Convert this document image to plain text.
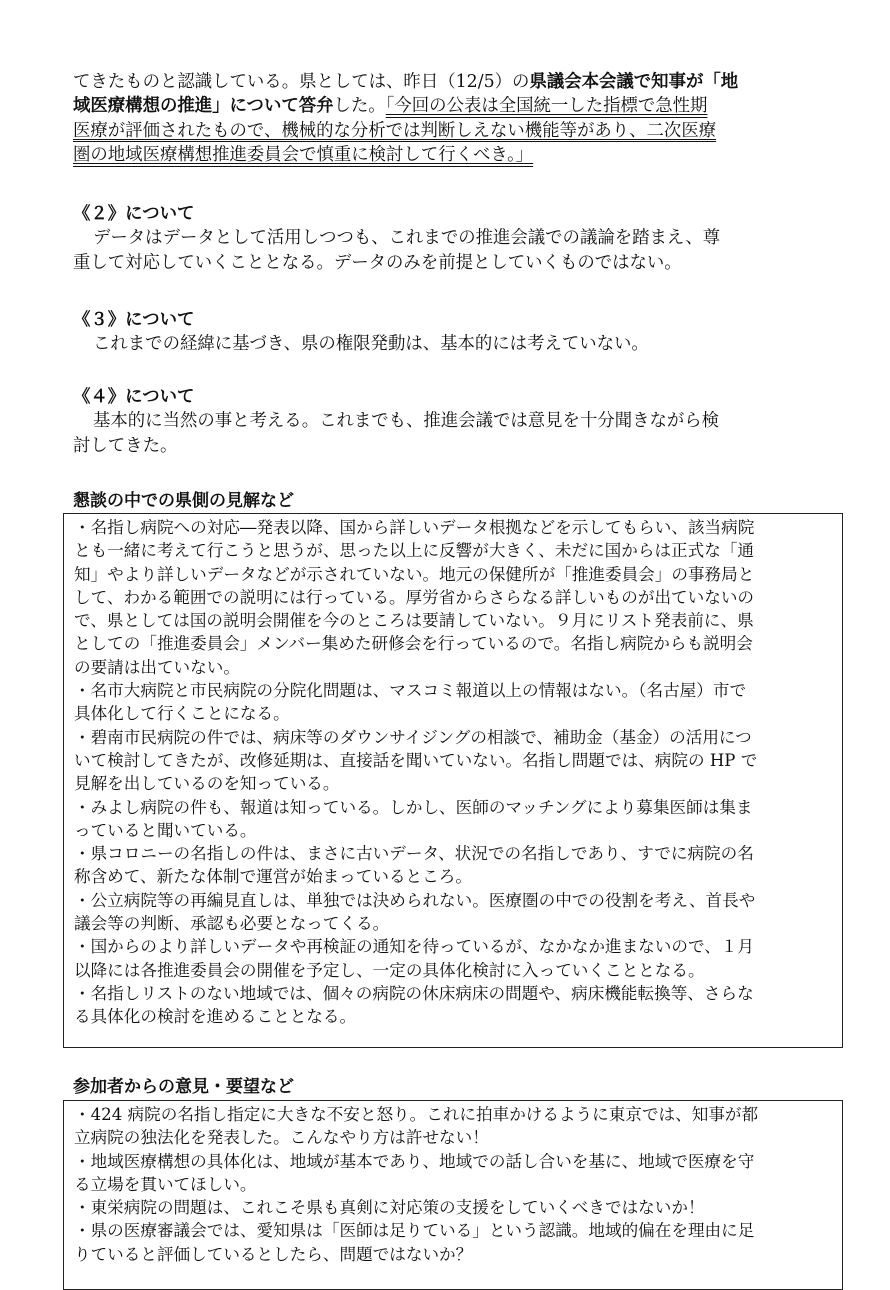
てきたものと認識している。県としては、昨日（12/5）の県議会本会議で知事が「地
域医療構想の推進」について答弁した。「今回の公表は全国統一した指標で急性期
医療が評価されたもので、機械的な分析では判断しえない機能等があり、二次医療
圏の地域医療構想推進委員会で慎重に検討して行くべき。」
《２》について
データはデータとして活用しつつも、これまでの推進会議での議論を踏まえ、尊
重して対応していくこととなる。データのみを前提としていくものではない。
《３》について
これまでの経緯に基づき、県の権限発動は、基本的には考えていない。
《４》について
基本的に当然の事と考える。これまでも、推進会議では意見を十分聞きながら検
討してきた。
懇談の中での県側の見解など
・名指し病院への対応―発表以降、国から詳しいデータ根拠などを示してもらい、該当病院
とも一緒に考えて行こうと思うが、思った以上に反響が大きく、未だに国からは正式な「通
知」やより詳しいデータなどが示されていない。地元の保健所が「推進委員会」の事務局と
して、わかる範囲での説明には行っている。厚労省からさらなる詳しいものが出ていないの
で、県としては国の説明会開催を今のところは要請していない。９月にリスト発表前に、県
としての「推進委員会」メンバー集めた研修会を行っているので。名指し病院からも説明会
の要請は出ていない。
・名市大病院と市民病院の分院化問題は、マスコミ報道以上の情報はない。（名古屋）市で
具体化して行くことになる。
・碧南市民病院の件では、病床等のダウンサイジングの相談で、補助金（基金）の活用につ
いて検討してきたが、改修延期は、直接話を聞いていない。名指し問題では、病院の HP で
見解を出しているのを知っている。
・みよし病院の件も、報道は知っている。しかし、医師のマッチングにより募集医師は集ま
っていると聞いている。
・県コロニーの名指しの件は、まさに古いデータ、状況での名指しであり、すでに病院の名
称含めて、新たな体制で運営が始まっているところ。
・公立病院等の再編見直しは、単独では決められない。医療圏の中での役割を考え、首長や
議会等の判断、承認も必要となってくる。
・国からのより詳しいデータや再検証の通知を待っているが、なかなか進まないので、１月
以降には各推進委員会の開催を予定し、一定の具体化検討に入っていくこととなる。
・名指しリストのない地域では、個々の病院の休床病床の問題や、病床機能転換等、さらな
る具体化の検討を進めることとなる。
参加者からの意見・要望など
・424 病院の名指し指定に大きな不安と怒り。これに拍車かけるように東京では、知事が都
立病院の独法化を発表した。こんなやり方は許せない！
・地域医療構想の具体化は、地域が基本であり、地域での話し合いを基に、地域で医療を守
る立場を貫いてほしい。
・東栄病院の問題は、これこそ県も真剣に対応策の支援をしていくべきではないか！
・県の医療審議会では、愛知県は「医師は足りている」という認識。地域的偏在を理由に足
りていると評価しているとしたら、問題ではないか？
